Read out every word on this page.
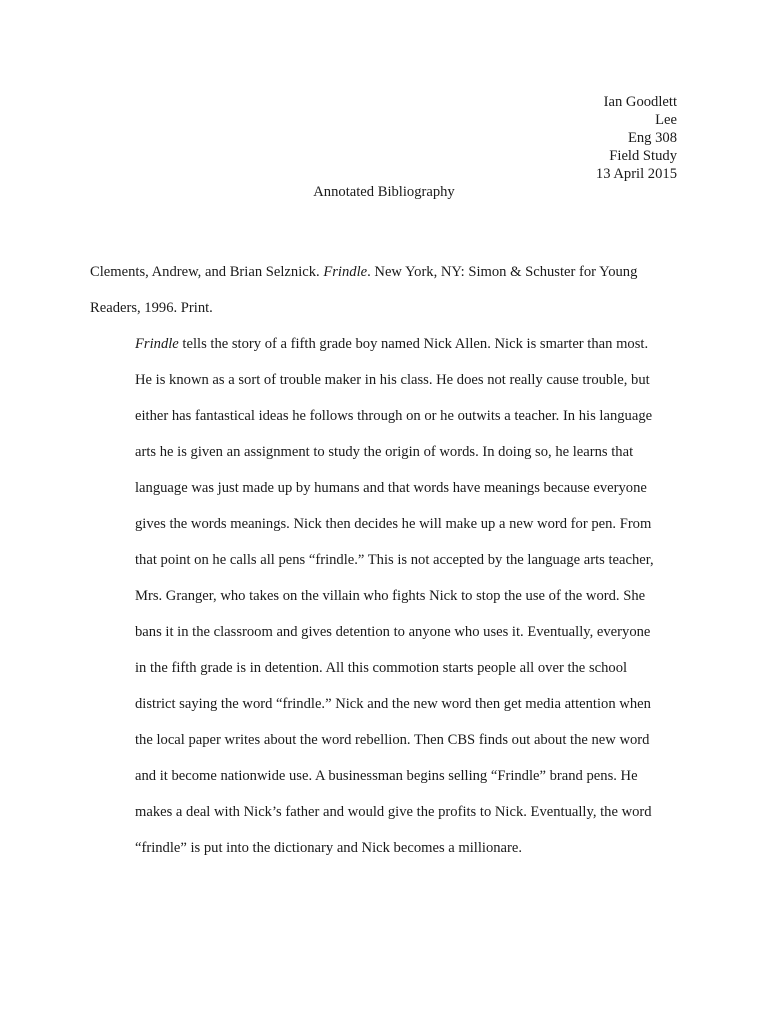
Ian Goodlett
Lee
Eng 308
Field Study
13 April 2015
Annotated Bibliography

Clements, Andrew, and Brian Selznick. Frindle. New York, NY: Simon & Schuster for Young
Readers, 1996. Print.

Frindle tells the story of a fifth grade boy named Nick Allen. Nick is smarter than most.
He is known as a sort of trouble maker in his class. He does not really cause trouble, but
either has fantastical ideas he follows through on or he outwits a teacher. In his language
arts he is given an assignment to study the origin of words. In doing so, he learns that
language was just made up by humans and that words have meanings because everyone
gives the words meanings. Nick then decides he will make up a new word for pen. From
that point on he calls all pens “frindle.” This is not accepted by the language arts teacher,
Mrs. Granger, who takes on the villain who fights Nick to stop the use of the word. She
bans it in the classroom and gives detention to anyone who uses it. Eventually, everyone
in the fifth grade is in detention. All this commotion starts people all over the school
district saying the word “frindle.” Nick and the new word then get media attention when
the local paper writes about the word rebellion. Then CBS finds out about the new word
and it become nationwide use. A businessman begins selling “Frindle” brand pens. He
makes a deal with Nick’s father and would give the profits to Nick. Eventually, the word
“frindle” is put into the dictionary and Nick becomes a millionare.
